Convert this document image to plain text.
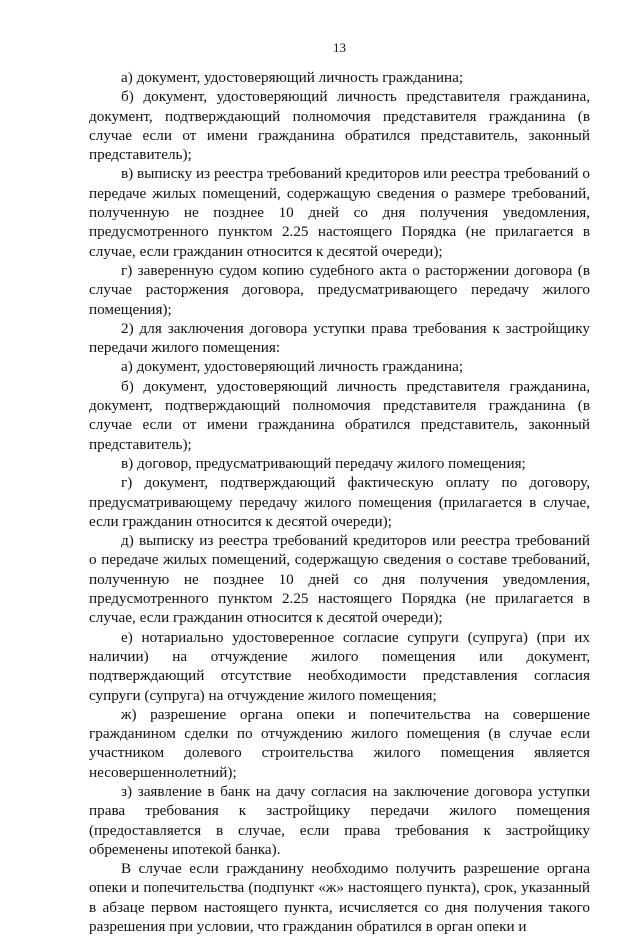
13

а) документ, удостоверяющий личность гражданина;

б) документ, удостоверяющий личность представителя гражданина, документ, подтверждающий полномочия представителя гражданина (в случае если от имени гражданина обратился представитель, законный представитель);

в) выписку из реестра требований кредиторов или реестра требований о передаче жилых помещений, содержащую сведения о размере требований, полученную не позднее 10 дней со дня получения уведомления, предусмотренного пунктом 2.25 настоящего Порядка (не прилагается в случае, если гражданин относится к десятой очереди);

г) заверенную судом копию судебного акта о расторжении договора (в случае расторжения договора, предусматривающего передачу жилого помещения);

2) для заключения договора уступки права требования к застройщику передачи жилого помещения:

а) документ, удостоверяющий личность гражданина;

б) документ, удостоверяющий личность представителя гражданина, документ, подтверждающий полномочия представителя гражданина (в случае если от имени гражданина обратился представитель, законный представитель);

в) договор, предусматривающий передачу жилого помещения;

г) документ, подтверждающий фактическую оплату по договору, предусматривающему передачу жилого помещения (прилагается в случае, если гражданин относится к десятой очереди);

д) выписку из реестра требований кредиторов или реестра требований о передаче жилых помещений, содержащую сведения о составе требований, полученную не позднее 10 дней со дня получения уведомления, предусмотренного пунктом 2.25 настоящего Порядка (не прилагается в случае, если гражданин относится к десятой очереди);

е) нотариально удостоверенное согласие супруги (супруга) (при их наличии) на отчуждение жилого помещения или документ, подтверждающий отсутствие необходимости представления согласия супруги (супруга) на отчуждение жилого помещения;

ж) разрешение органа опеки и попечительства на совершение гражданином сделки по отчуждению жилого помещения (в случае если участником долевого строительства жилого помещения является несовершеннолетний);

з) заявление в банк на дачу согласия на заключение договора уступки права требования к застройщику передачи жилого помещения (предоставляется в случае, если права требования к застройщику обременены ипотекой банка).

В случае если гражданину необходимо получить разрешение органа опеки и попечительства (подпункт «ж» настоящего пункта), срок, указанный в абзаце первом настоящего пункта, исчисляется со дня получения такого разрешения при условии, что гражданин обратился в орган опеки и
